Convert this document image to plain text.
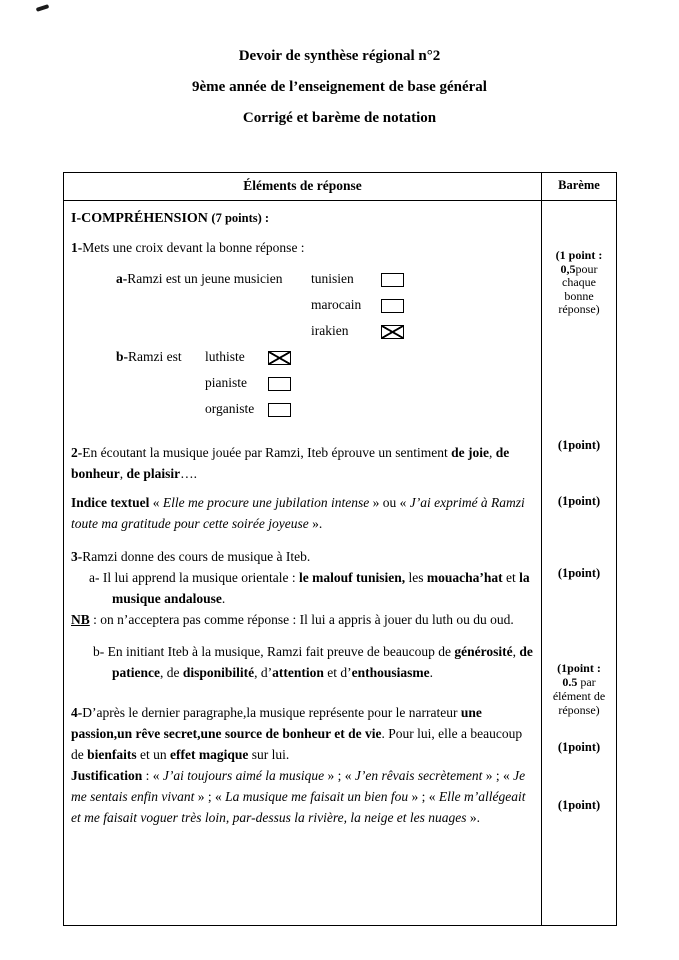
Devoir de synthèse régional n°2
9ème année de l’enseignement de base général
Corrigé et barème de notation
Éléments de réponse	Barème

I-COMPRÉHENSION (7 points) :

1-Mets une croix devant la bonne réponse :

a-Ramzi est un jeune musicien tunisien
marocain
irakien
b-Ramzi est luthiste
pianiste
organiste

2-En écoutant la musique jouée par Ramzi, Iteb éprouve un sentiment de joie, de bonheur, de plaisir….

Indice textuel « Elle me procure une jubilation intense » ou « J’ai exprimé à Ramzi toute ma gratitude pour cette soirée joyeuse ».

3-Ramzi donne des cours de musique à Iteb.

a- Il lui apprend la musique orientale : le malouf tunisien, les mouacha’hat et la musique andalouse.

NB : on n’acceptera pas comme réponse : Il lui a appris à jouer du luth ou du oud.

b- En initiant Iteb à la musique, Ramzi fait preuve de beaucoup de générosité, de patience, de disponibilité, d’attention et d’enthousiasme.

4-D’après le dernier paragraphe,la musique représente pour le narrateur une passion,un rêve secret,une source de bonheur et de vie. Pour lui, elle a beaucoup de bienfaits et un effet magique sur lui.

Justification : « J’ai toujours aimé la musique » ; « J’en rêvais secrètement » ; « Je me sentais enfin vivant » ; « La musique me faisait un bien fou » ; « Elle m’allégeait et me faisait voguer très loin, par-dessus la rivière, la neige et les nuages ».

(1 point :
0,5pour
chaque
bonne
réponse)
(1point)
(1point)
(1point)
(1point :
0.5 par
élément de
réponse)
(1point)
(1point)
